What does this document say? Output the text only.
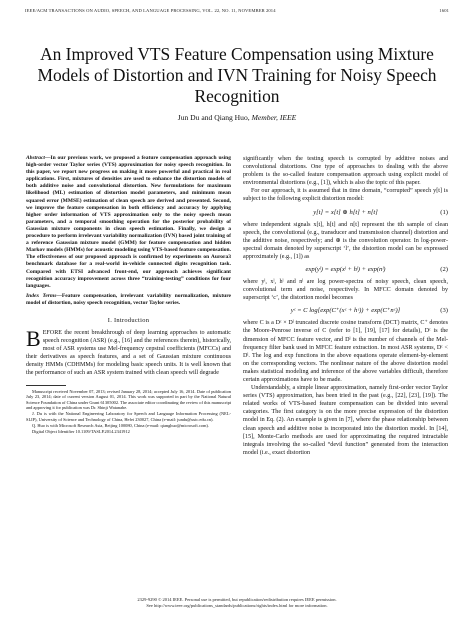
IEEE/ACM TRANSACTIONS ON AUDIO, SPEECH, AND LANGUAGE PROCESSING, VOL. 22, NO. 11, NOVEMBER 2014	1601
An Improved VTS Feature Compensation using Mixture Models of Distortion and IVN Training for Noisy Speech Recognition
Jun Du and Qiang Huo, Member, IEEE

Abstract—In our previous work, we proposed a feature compensation approach using high-order vector Taylor series (VTS) approximation for noisy speech recognition. In this paper, we report new progress on making it more powerful and practical in real applications. First, mixtures of densities are used to enhance the distortion models of both additive noise and convolutional distortion. New formulations for maximum likelihood (ML) estimation of distortion model parameters, and minimum mean squared error (MMSE) estimation of clean speech are derived and presented. Second, we improve the feature compensation in both efficiency and accuracy by applying higher order information of VTS approximation only to the noisy speech mean parameters, and a temporal smoothing operation for the posterior probability of Gaussian mixture components in clean speech estimation. Finally, we design a procedure to perform irrelevant variability normalization (IVN) based joint training of a reference Gaussian mixture model (GMM) for feature compensation and hidden Markov models (HMMs) for acoustic modeling using VTS-based feature compensation. The effectiveness of our proposed approach is confirmed by experiments on Aurora3 benchmark database for a real-world in-vehicle connected digits recognition task. Compared with ETSI advanced front-end, our approach achieves significant recognition accuracy improvement across three “training-testing” conditions for four languages.

Index Terms—Feature compensation, irrelevant variability normalization, mixture model of distortion, noisy speech recognition, vector Taylor series.

I. Introduction

BEFORE the recent breakthrough of deep learning approaches to automatic speech recognition (ASR) (e.g., [16] and the references therein), historically, most of ASR systems use Mel-frequency cepstral coefficients (MFCCs) and their derivatives as speech features, and a set of Gaussian mixture continuous density HMMs (CDHMMs) for modeling basic speech units. It is well known that the performance of such an ASR system trained with clean speech will degrade

Manuscript received November 07, 2013; revised January 28, 2014; accepted July 16, 2014. Date of publication July 23, 2014; date of current version August 01, 2014. This work was supported in part by the National Natural Science Foundation of China under Grant 61305002. The associate editor coordinating the review of this manuscript and approving it for publication was Dr. Shinji Watanabe.

J. Du is with the National Engineering Laboratory for Speech and Language Information Processing (NEL-SLIP), University of Science and Technology of China, Hefei 230027, China (e-mail: jundu@ustc.edu.cn).

Q. Huo is with Microsoft Research Asia, Beijing 100080, China (e-mail: qianghuo@microsoft.com).

Digital Object Identifier 10.1109/TASLP.2014.2341912

significantly when the testing speech is corrupted by additive noises and convolutional distortions. One type of approaches to dealing with the above problem is the so-called feature compensation approach using explicit model of environmental distortions (e.g., [1]), which is also the topic of this paper.

For our approach, it is assumed that in time domain, “corrupted” speech y[t] is subject to the following explicit distortion model:

y[t] = x[t] ⊛ h[t] + n[t]	(1)

where independent signals x[t], h[t] and n[t] represent the tth sample of clean speech, the convolutional (e.g., transducer and transmission channel) distortion and the additive noise, respectively; and ⊛ is the convolution operator. In log-power-spectral domain denoted by superscript ‘l’, the distortion model can be expressed approximately (e.g., [1]) as

exp(yˡ) = exp(xˡ + hˡ) + exp(nˡ)	(2)

where yˡ, xˡ, hˡ and nˡ are log power-spectra of noisy speech, clean speech, convolutional term and noise, respectively. In MFCC domain denoted by superscript ‘c’, the distortion model becomes

yᶜ = C log[exp(C⁺(xᶜ + hᶜ)) + exp(C⁺nᶜ)]	(3)

where C is a Dᶜ × Dˡ truncated discrete cosine transform (DCT) matrix, C⁺ denotes the Moore-Penrose inverse of C (refer to [1], [19], [17] for details), Dᶜ is the dimension of MFCC feature vector, and Dˡ is the number of channels of the Mel-frequency filter bank used in MFCC feature extraction. In most ASR systems, Dᶜ < Dˡ. The log and exp functions in the above equations operate element-by-element on the corresponding vectors. The nonlinear nature of the above distortion model makes statistical modeling and inference of the above variables difficult, therefore certain approximations have to be made.

Understandably, a simple linear approximation, namely first-order vector Taylor series (VTS) approximation, has been tried in the past (e.g., [22], [23], [19]). The related works of VTS-based feature compensation can be divided into several categories. The first category is on the more precise expression of the distortion model in Eq. (2). An example is given in [7], where the phase relationship between clean speech and additive noise is incorporated into the distortion model. In [14], [15], Monte-Carlo methods are used for approximating the required intractable integrals involving the so-called “devil function” generated from the interaction model (i.e., exact distortion

2329-9290 © 2014 IEEE. Personal use is permitted, but republication/redistribution requires IEEE permission.
See http://www.ieee.org/publications_standards/publications/rights/index.html for more information.
